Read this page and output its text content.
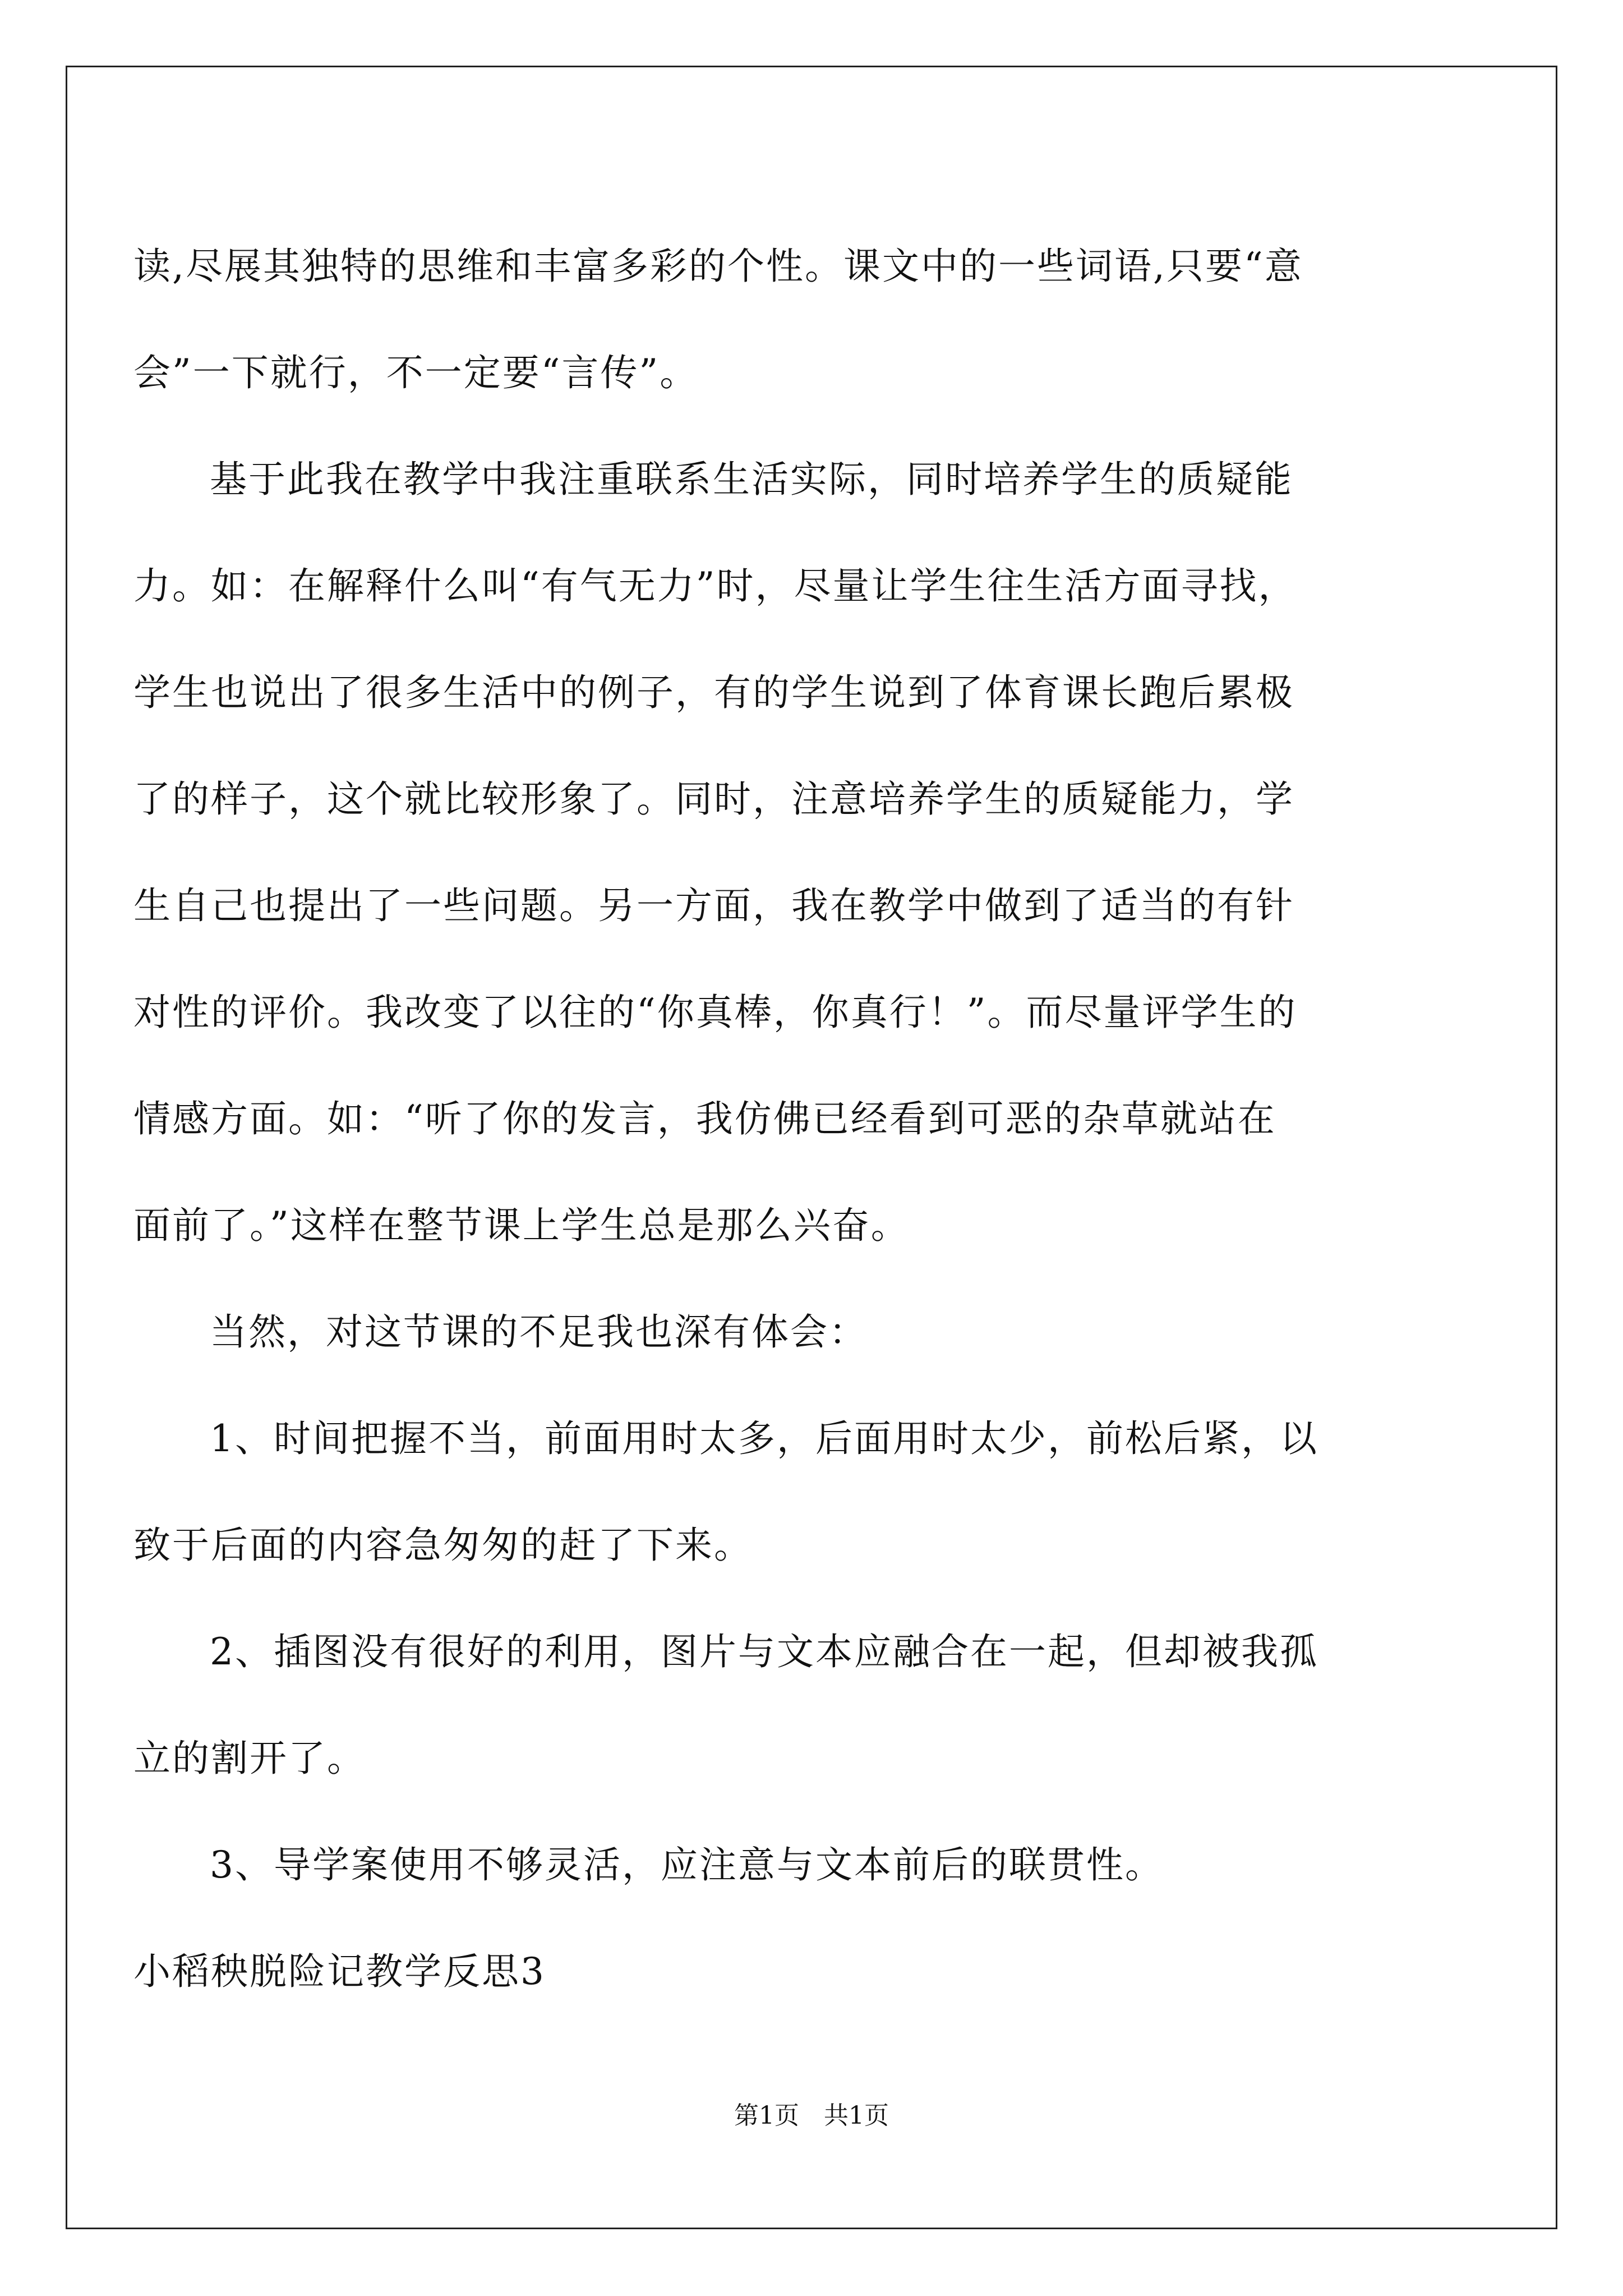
读,尽展其独特的思维和丰富多彩的个性。课文中的一些词语,只要“意
会”一下就行，不一定要“言传”。

基于此我在教学中我注重联系生活实际，同时培养学生的质疑能
力。如：在解释什么叫“有气无力”时，尽量让学生往生活方面寻找，
学生也说出了很多生活中的例子，有的学生说到了体育课长跑后累极
了的样子，这个就比较形象了。同时，注意培养学生的质疑能力，学
生自己也提出了一些问题。另一方面，我在教学中做到了适当的有针
对性的评价。我改变了以往的“你真棒，你真行！”。而尽量评学生的
情感方面。如：“听了你的发言，我仿佛已经看到可恶的杂草就站在
面前了。”这样在整节课上学生总是那么兴奋。

当然，对这节课的不足我也深有体会：

1、时间把握不当，前面用时太多，后面用时太少，前松后紧，以
致于后面的内容急匆匆的赶了下来。

2、插图没有很好的利用，图片与文本应融合在一起，但却被我孤
立的割开了。

3、导学案使用不够灵活，应注意与文本前后的联贯性。

小稻秧脱险记教学反思3

第1页　共1页
